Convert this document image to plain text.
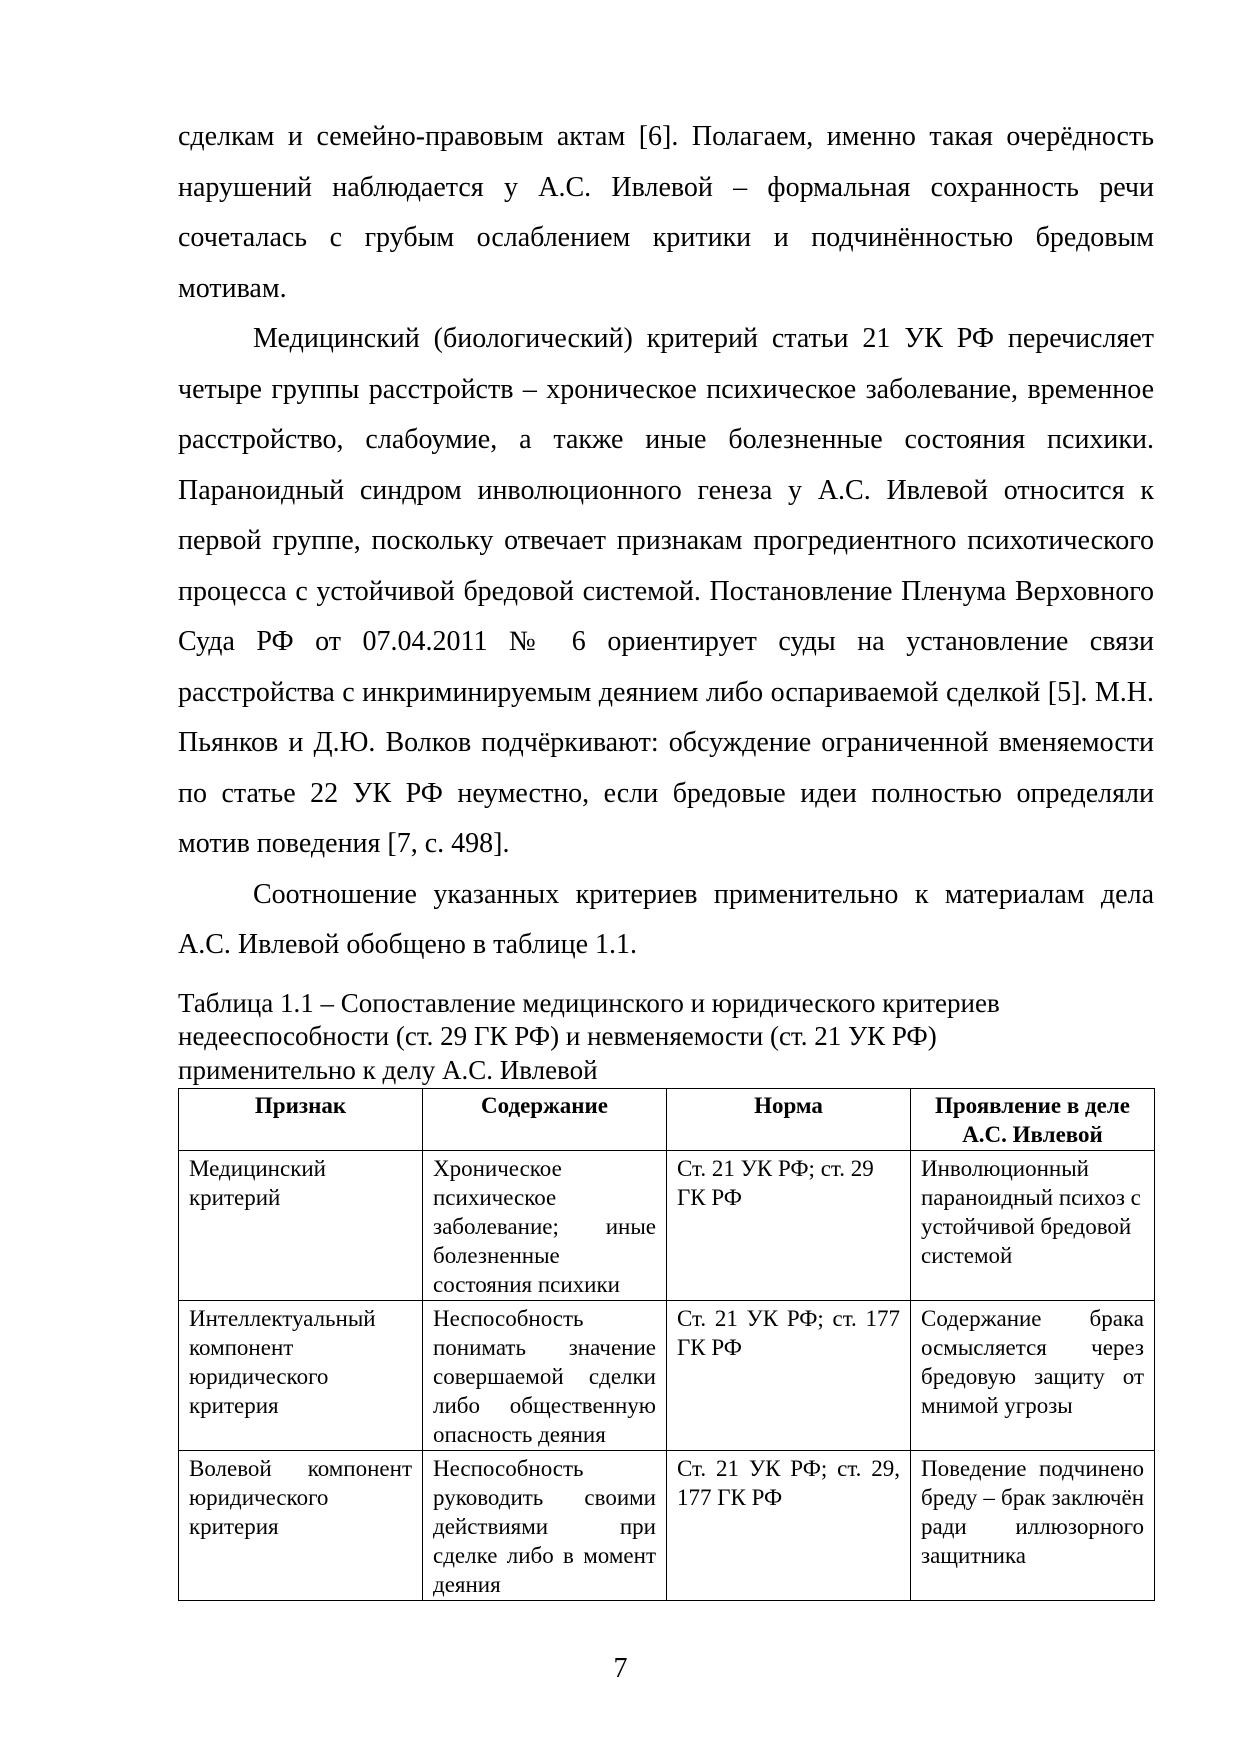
сделкам и семейно-правовым актам [6]. Полагаем, именно такая очерёдность нарушений наблюдается у А.С. Ивлевой – формальная сохранность речи сочеталась с грубым ослаблением критики и подчинённостью бредовым мотивам.

Медицинский (биологический) критерий статьи 21 УК РФ перечисляет четыре группы расстройств – хроническое психическое заболевание, временное расстройство, слабоумие, а также иные болезненные состояния психики. Параноидный синдром инволюционного генеза у А.С. Ивлевой относится к первой группе, поскольку отвечает признакам прогредиентного психотического процесса с устойчивой бредовой системой. Постановление Пленума Верховного Суда РФ от 07.04.2011 № 6 ориентирует суды на установление связи расстройства с инкриминируемым деянием либо оспариваемой сделкой [5]. М.Н. Пьянков и Д.Ю. Волков подчёркивают: обсуждение ограниченной вменяемости по статье 22 УК РФ неуместно, если бредовые идеи полностью определяли мотив поведения [7, с. 498].

Соотношение указанных критериев применительно к материалам дела А.С. Ивлевой обобщено в таблице 1.1.

Таблица 1.1 – Сопоставление медицинского и юридического критериев
недееспособности (ст. 29 ГК РФ) и невменяемости (ст. 21 УК РФ)
применительно к делу А.С. Ивлевой
Признак	Содержание	Норма	Проявление в деле
А.С. Ивлевой
Медицинский критерий	Хроническое психическое заболевание; иные болезненные состояния психики	Ст. 21 УК РФ; ст. 29 ГК РФ	Инволюционный параноидный психоз с устойчивой бредовой системой
Интеллектуальный компонент юридического критерия	Неспособность понимать значение совершаемой сделки либо общественную опасность деяния	Ст. 21 УК РФ; ст. 177 ГК РФ	Содержание брака осмысляется через бредовую защиту от мнимой угрозы
Волевой компонент юридического критерия	Неспособность руководить своими действиями при сделке либо в момент деяния	Ст. 21 УК РФ; ст. 29, 177 ГК РФ	Поведение подчинено бреду – брак заключён ради иллюзорного защитника
7
